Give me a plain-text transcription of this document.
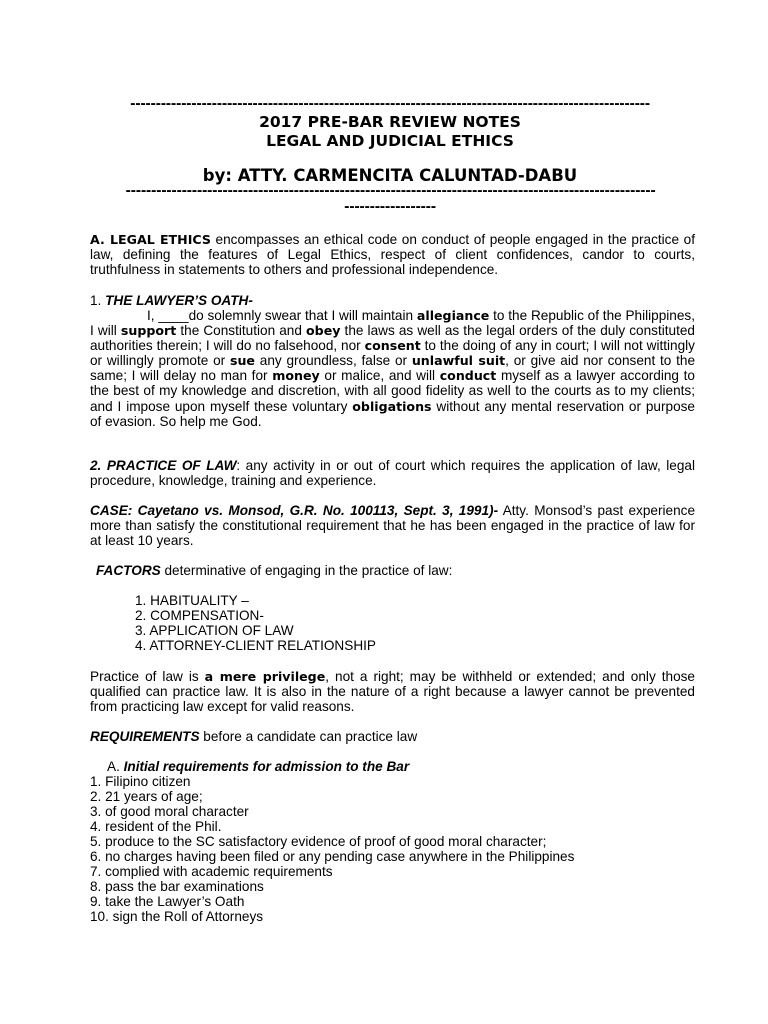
------------------------------------------------------------------------------------------------------
2017 PRE-BAR REVIEW NOTES
LEGAL AND JUDICIAL ETHICS
by: ATTY. CARMENCITA CALUNTAD-DABU
--------------------------------------------------------------------------------------------------------
------------------
A. LEGAL ETHICS encompasses an ethical code on conduct of people engaged in the practice of law, defining the features of Legal Ethics, respect of client confidences, candor to courts, truthfulness in statements to others and professional independence.
1. THE LAWYER’S OATH-
I, ____do solemnly swear that I will maintain allegiance to the Republic of the Philippines, I will support the Constitution and obey the laws as well as the legal orders of the duly constituted authorities therein; I will do no falsehood, nor consent to the doing of any in court; I will not wittingly or willingly promote or sue any groundless, false or unlawful suit, or give aid nor consent to the same; I will delay no man for money or malice, and will conduct myself as a lawyer according to the best of my knowledge and discretion, with all good fidelity as well to the courts as to my clients; and I impose upon myself these voluntary obligations without any mental reservation or purpose of evasion. So help me God.
2. PRACTICE OF LAW: any activity in or out of court which requires the application of law, legal procedure, knowledge, training and experience.
CASE: Cayetano vs. Monsod, G.R. No. 100113, Sept. 3, 1991)- Atty. Monsod’s past experience more than satisfy the constitutional requirement that he has been engaged in the practice of law for at least 10 years.
FACTORS determinative of engaging in the practice of law:
1. HABITUALITY –
2. COMPENSATION-
3. APPLICATION OF LAW
4. ATTORNEY-CLIENT RELATIONSHIP
Practice of law is a mere privilege, not a right; may be withheld or extended; and only those qualified can practice law. It is also in the nature of a right because a lawyer cannot be prevented from practicing law except for valid reasons.
REQUIREMENTS before a candidate can practice law
A. Initial requirements for admission to the Bar
1. Filipino citizen
2. 21 years of age;
3. of good moral character
4. resident of the Phil.
5. produce to the SC satisfactory evidence of proof of good moral character;
6. no charges having been filed or any pending case anywhere in the Philippines
7. complied with academic requirements
8. pass the bar examinations
9. take the Lawyer’s Oath
10. sign the Roll of Attorneys
